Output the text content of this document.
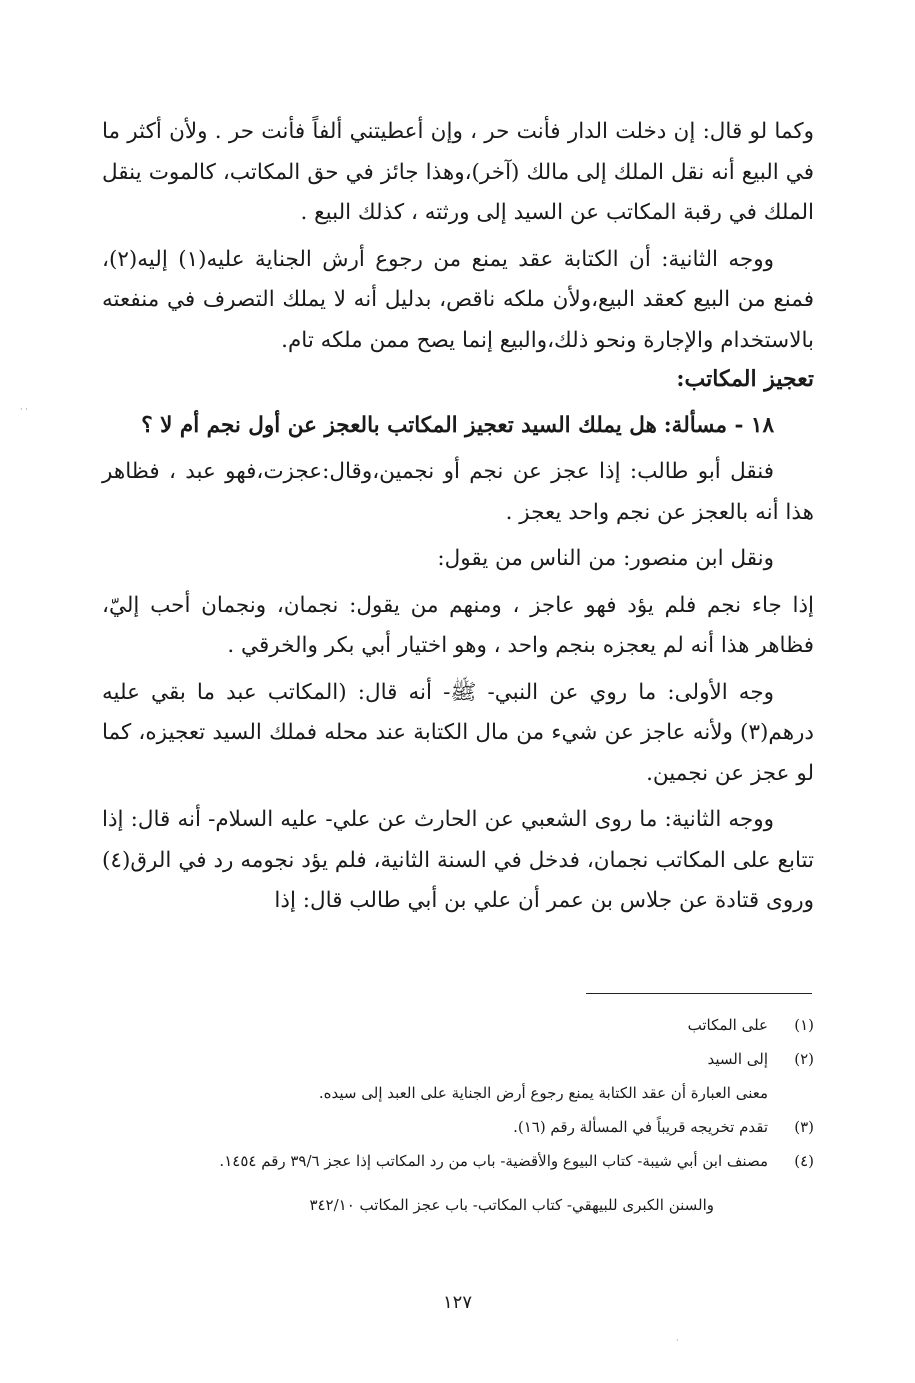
وكما لو قال: إن دخلت الدار فأنت حر ، وإن أعطيتني ألفاً فأنت حر . ولأن أكثر ما في البيع أنه نقل الملك إلى مالك (آخر)،وهذا جائز في حق المكاتب، كالموت ينقل الملك في رقبة المكاتب عن السيد إلى ورثته ، كذلك البيع .

ووجه الثانية: أن الكتابة عقد يمنع من رجوع أرش الجناية عليه(١) إليه(٢)، فمنع من البيع كعقد البيع،ولأن ملكه ناقص، بدليل أنه لا يملك التصرف في منفعته بالاستخدام والإجارة ونحو ذلك،والبيع إنما يصح ممن ملكه تام.

تعجيز المكاتب:

١٨ - مسألة: هل يملك السيد تعجيز المكاتب بالعجز عن أول نجم أم لا ؟

فنقل أبو طالب: إذا عجز عن نجم أو نجمين،وقال:عجزت،فهو عبد ، فظاهر هذا أنه بالعجز عن نجم واحد يعجز .

ونقل ابن منصور: من الناس من يقول:

إذا جاء نجم فلم يؤد فهو عاجز ، ومنهم من يقول: نجمان، ونجمان أحب إليّ، فظاهر هذا أنه لم يعجزه بنجم واحد ، وهو اختيار أبي بكر والخرقي .

وجه الأولى: ما روي عن النبي- ﷺ- أنه قال: (المكاتب عبد ما بقي عليه درهم(٣) ولأنه عاجز عن شيء من مال الكتابة عند محله فملك السيد تعجيزه، كما لو عجز عن نجمين.

ووجه الثانية: ما روى الشعبي عن الحارث عن علي- عليه السلام- أنه قال: إذا تتابع على المكاتب نجمان، فدخل في السنة الثانية، فلم يؤد نجومه رد في الرق(٤) وروى قتادة عن جلاس بن عمر أن علي بن أبي طالب قال: إذا

(١)
على المكاتب
(٢)
إلى السيد
معنى العبارة أن عقد الكتابة يمنع رجوع أرض الجناية على العبد إلى سيده.
(٣)
تقدم تخريجه قريباً في المسألة رقم (١٦).
(٤)
مصنف ابن أبي شيبة- كتاب البيوع والأقضية- باب من رد المكاتب إذا عجز ٣٩/٦ رقم ١٤٥٤.
والسنن الكبرى للبيهقي- كتاب المكاتب- باب عجز المكاتب ٣٤٢/١٠
١٢٧
· ·
·
